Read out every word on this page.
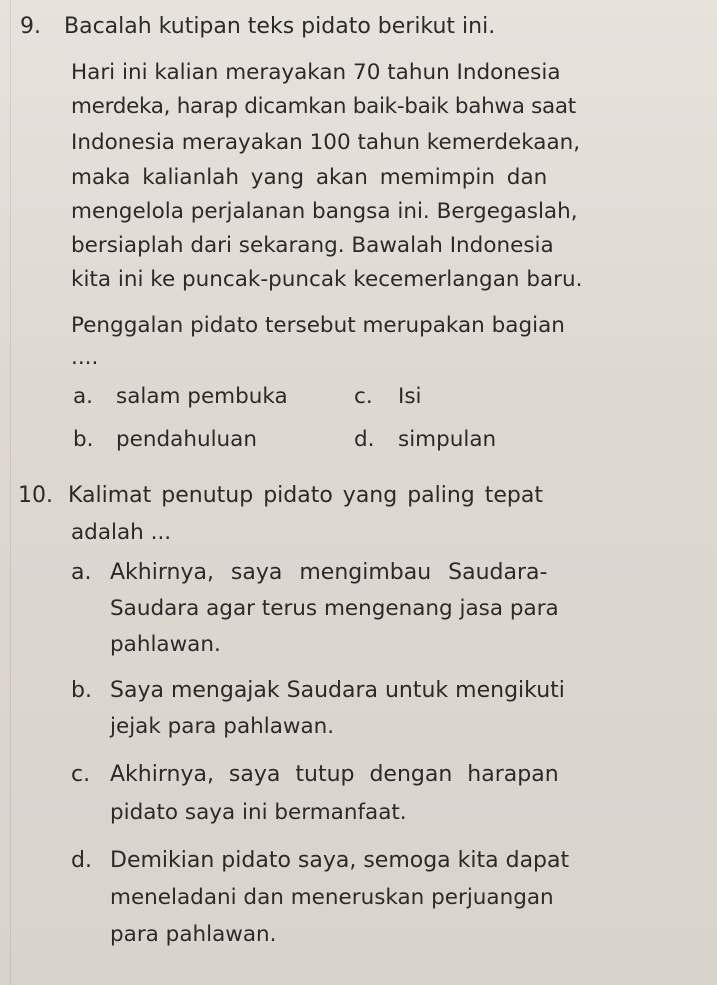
9. Bacalah kutipan teks pidato berikut ini.
Hari ini kalian merayakan 70 tahun Indonesia
merdeka, harap dicamkan baik-baik bahwa saat
Indonesia merayakan 100 tahun kemerdekaan,
maka kalianlah yang akan memimpin dan
mengelola perjalanan bangsa ini. Bergegaslah,
bersiaplah dari sekarang. Bawalah Indonesia
kita ini ke puncak-puncak kecemerlangan baru.
Penggalan pidato tersebut merupakan bagian
....
a. salam pembuka	c. Isi
b. pendahuluan	d. simpulan
10. Kalimat penutup pidato yang paling tepat
adalah ...
a. Akhirnya, saya mengimbau Saudara-
Saudara agar terus mengenang jasa para
pahlawan.
b. Saya mengajak Saudara untuk mengikuti
jejak para pahlawan.
c. Akhirnya, saya tutup dengan harapan
pidato saya ini bermanfaat.
d. Demikian pidato saya, semoga kita dapat
meneladani dan meneruskan perjuangan
para pahlawan.
